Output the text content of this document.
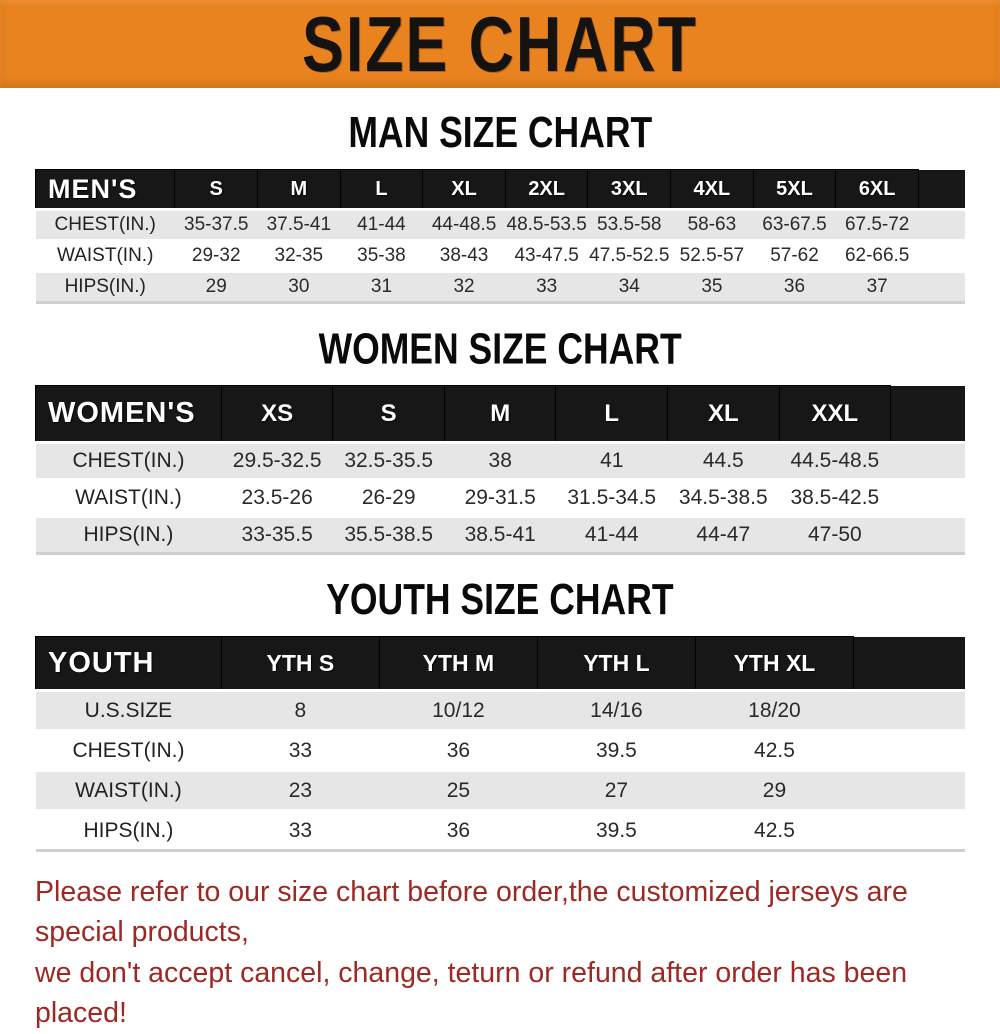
SIZE CHART
MAN SIZE CHART
MEN'S	S	M	L	XL	2XL	3XL	4XL	5XL	6XL	
CHEST(IN.)	35-37.5	37.5-41	41-44	44-48.5	48.5-53.5	53.5-58	58-63	63-67.5	67.5-72	
WAIST(IN.)	29-32	32-35	35-38	38-43	43-47.5	47.5-52.5	52.5-57	57-62	62-66.5	
HIPS(IN.)	29	30	31	32	33	34	35	36	37	
WOMEN SIZE CHART
WOMEN'S	XS	S	M	L	XL	XXL	
CHEST(IN.)	29.5-32.5	32.5-35.5	38	41	44.5	44.5-48.5	
WAIST(IN.)	23.5-26	26-29	29-31.5	31.5-34.5	34.5-38.5	38.5-42.5	
HIPS(IN.)	33-35.5	35.5-38.5	38.5-41	41-44	44-47	47-50	
YOUTH SIZE CHART
YOUTH	YTH S	YTH M	YTH L	YTH XL	
U.S.SIZE	8	10/12	14/16	18/20	
CHEST(IN.)	33	36	39.5	42.5	
WAIST(IN.)	23	25	27	29	
HIPS(IN.)	33	36	39.5	42.5	

Please refer to our size chart before order,the customized jerseys are special products,

we don't accept cancel, change, teturn or refund after order has been placed!
